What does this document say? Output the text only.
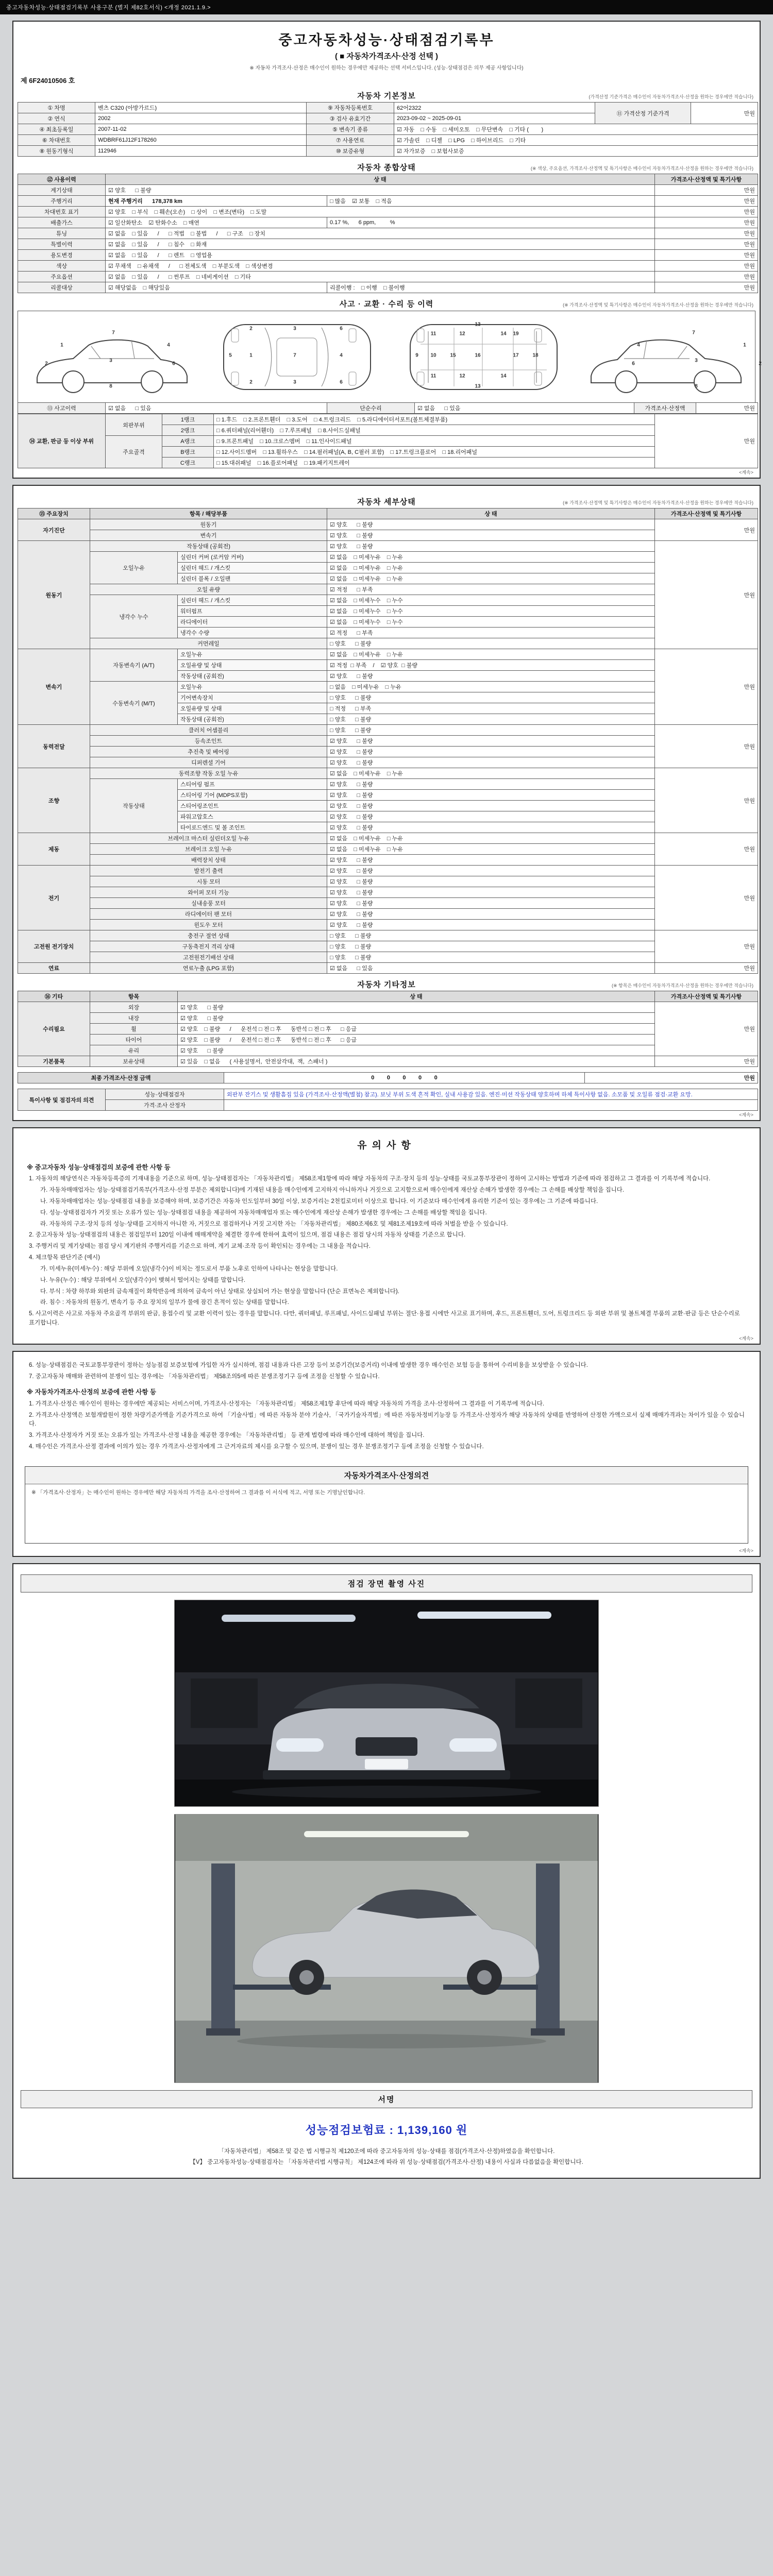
중고자동차성능·상태점검기록부 사용구분 (별지 제82호서식) <개정 2021.1.9.>
중고자동차성능·상태점검기록부
( ■ 자동차가격조사·산정 선택 )
※ 자동차 가격조사·산정은 매수인이 원하는 경우에만 제공하는 선택 서비스입니다. (성능·상태점검은 의무 제공 사항입니다)
제 6F24010506 호
자동차 기본정보	(가격산정 기준가격은 매수인이 자동차가격조사·산정을 원하는 경우에만 적습니다)
① 차명	벤츠 C320 (아방가르드)	⑨ 자동차등록번호	62어2322	⑪ 가격산정 기준가격	만원
② 연식	2002	③ 검사 유효기간	2023-09-02 ~ 2025-09-01		
④ 최초등록일	2007-11-02	⑤ 변속기 종류	☑ 자동    □ 수동    □ 세미오토    □ 무단변속    □ 기타 (        )		
⑥ 차대번호	WDBRF61J12F178260	⑦ 사용연료	☑ 가솔린    □ 디젤    □ LPG    □ 하이브리드    □ 기타		
⑧ 원동기형식	112946	⑩ 보증유형	☑ 자가보증    □ 보험사보증		
자동차 종합상태	(※ 색상, 주요옵션, 가격조사·산정액 및 특기사항은 매수인이 자동차가격조사·산정을 원하는 경우에만 적습니다)
⑫ 사용이력	상 태		가격조사·산정액 및 특기사항
계기상태	☑ 양호      □ 불량		만원
주행거리	현재 주행거리      178,378 km	□ 많음    ☑ 보통    □ 적음	만원
차대번호 표기	☑ 양호    □ 부식    □ 훼손(오손)    □ 상이    □ 변조(변타)    □ 도말		만원
배출가스	☑ 일산화탄소    ☑ 탄화수소    □ 매연	0.17 %,      6 ppm,         %	만원
튜닝	☑ 없음    □ 있음      /      □ 적법    □ 불법      /      □ 구조    □ 장치		만원
특별이력	☑ 없음    □ 있음      /      □ 침수    □ 화재		만원
용도변경	☑ 없음    □ 있음      /      □ 렌트    □ 영업용		만원
색상	☑ 무채색    □ 유채색      /      □ 전체도색    □ 부분도색    □ 색상변경		만원
주요옵션	☑ 없음    □ 있음      /      □ 썬루프    □ 네비게이션    □ 기타		만원
리콜대상	☑ 해당없음    □ 해당있음	리콜이행 :    □ 이행    □ 불이행	만원
사고 · 교환 · 수리 등 이력	(※ 가격조사·산정액 및 특기사항은 매수인이 자동차가격조사·산정을 원하는 경우에만 적습니다)
1
2
3
6
7
4
8
5	1
2
2
3
3
7
6
6
4	9 10
11
11
12
12
13
13
15	16
14
14
17	18
19
1
2
3
6
7
4
8
⑬ 사고이력	☑ 없음      □ 있음	단순수리	☑ 없음      □ 있음	가격조사·산정액	만원
⑭ 교환, 판금 등 이상 부위	외판부위	1랭크	□ 1.후드    □ 2.프론트휀더    □ 3.도어    □ 4.트렁크리드    □ 5.라디에이터서포트(볼트체결부품)	만원
		2랭크	□ 6.쿼터패널(리어휀더)    □ 7.루프패널    □ 8.사이드실패널	
	주요골격	A랭크	□ 9.프론트패널    □ 10.크로스멤버    □ 11.인사이드패널	
		B랭크	□ 12.사이드멤버    □ 13.휠하우스    □ 14.필러패널(A, B, C필러 포함)    □ 17.트렁크플로어    □ 18.리어패널	
		C랭크	□ 15.대쉬패널    □ 16.플로어패널    □ 19.패키지트레이	
<계속>
자동차 세부상태	(※ 가격조사·산정액 및 특기사항은 매수인이 자동차가격조사·산정을 원하는 경우에만 적습니다)
⑮ 주요장치	항목 / 해당부품		상 태	가격조사·산정액 및 특기사항
자기진단	원동기		☑ 양호      □ 불량	만원
	변속기		☑ 양호      □ 불량	
원동기	작동상태 (공회전)		☑ 양호      □ 불량	만원
	오일누유	실린더 커버 (로커암 커버)	☑ 없음    □ 미세누유    □ 누유	
		실린더 헤드 / 개스킷	☑ 없음    □ 미세누유    □ 누유	
		실린더 블록 / 오일팬	☑ 없음    □ 미세누유    □ 누유	
	오일 유량		☑ 적정      □ 부족	
	냉각수 누수	실린더 헤드 / 개스킷	☑ 없음    □ 미세누수    □ 누수	
		워터펌프	☑ 없음    □ 미세누수    □ 누수	
		라디에이터	☑ 없음    □ 미세누수    □ 누수	
		냉각수 수량	☑ 적정      □ 부족	
	커먼레일		□ 양호      □ 불량	
변속기	자동변속기 (A/T)	오일누유	☑ 없음    □ 미세누유    □ 누유	만원
		오일유량 및 상태	☑ 적정  □ 부족    /    ☑ 양호  □ 불량	
		작동상태 (공회전)	☑ 양호      □ 불량	
	수동변속기 (M/T)	오일누유	□ 없음    □ 미세누유    □ 누유	
		기어변속장치	□ 양호      □ 불량	
		오일유량 및 상태	□ 적정      □ 부족	
		작동상태 (공회전)	□ 양호      □ 불량	
동력전달	클러치 어셈블리		□ 양호      □ 불량	만원
	등속조인트		☑ 양호      □ 불량	
	추진축 및 베어링		☑ 양호      □ 불량	
	디퍼렌셜 기어		☑ 양호      □ 불량	
조향	동력조향 작동 오일 누유		☑ 없음    □ 미세누유    □ 누유	만원
	작동상태	스티어링 펌프	☑ 양호      □ 불량	
		스티어링 기어 (MDPS포함)	☑ 양호      □ 불량	
		스티어링조인트	☑ 양호      □ 불량	
		파워고압호스	☑ 양호      □ 불량	
		타이로드엔드 및 볼 조인트	☑ 양호      □ 불량	
제동	브레이크 마스터 실린더오일 누유		☑ 없음    □ 미세누유    □ 누유	만원
	브레이크 오일 누유		☑ 없음    □ 미세누유    □ 누유	
	배력장치 상태		☑ 양호      □ 불량	
전기	발전기 출력		☑ 양호      □ 불량	만원
	시동 모터		☑ 양호      □ 불량	
	와이퍼 모터 기능		☑ 양호      □ 불량	
	실내송풍 모터		☑ 양호      □ 불량	
	라디에이터 팬 모터		☑ 양호      □ 불량	
	윈도우 모터		☑ 양호      □ 불량	
고전원 전기장치	충전구 절연 상태		□ 양호      □ 불량	만원
	구동축전지 격리 상태		□ 양호      □ 불량	
	고전원전기배선 상태		□ 양호      □ 불량	
연료	연료누출 (LPG 포함)		☑ 없음      □ 있음	만원
자동차 기타정보	(※ 항목은 매수인이 자동차가격조사·산정을 원하는 경우에만 적습니다)
⑯ 기타	항목	상 태	가격조사·산정액 및 특기사항
수리필요	외장	☑ 양호      □ 불량	만원
	내장	☑ 양호      □ 불량	
	휠	☑ 양호    □ 불량      /      운전석 □ 전 □ 후      동반석 □ 전 □ 후      □ 응급	
	타이어	☑ 양호    □ 불량      /      운전석 □ 전 □ 후      동반석 □ 전 □ 후      □ 응급	
	유리	☑ 양호      □ 불량	
기본품목	보유상태	☑ 있음    □ 없음      ( 사용설명서,  안전삼각대,  잭,  스패너 )	만원
최종 가격조사·산정 금액	0        0        0        0        0	만원
특이사항 및 점검자의 의견	성능·상태점검자	외판부 잔기스 및 생활흠집 있음 (가격조사·산정액(별첨) 참고). 보닛 부위 도색 흔적 확인, 실내 사용감 있음. 엔진·미션 작동상태 양호하며 하체 특이사항 없음. 소모품 및 오일류 점검·교환 요망.
	가격·조사 산정자	
<계속>
유의사항
※ 중고자동차 성능·상태점검의 보증에 관한 사항 등
1. 자동차의 해당연식은 자동차등록증의 기재내용을 기준으로 하며, 성능·상태점검자는 「자동차관리법」 제58조제1항에 따라 해당 자동차의 구조·장치 등의 성능·상태를 국토교통부장관이 정하여 고시하는 방법과 기준에 따라 점검하고 그 결과를 이 기록부에 적습니다.
가. 자동차매매업자는 성능·상태점검기록부(가격조사·산정 부분은 제외합니다)에 기재된 내용을 매수인에게 고지하지 아니하거나 거짓으로 고지함으로써 매수인에게 재산상 손해가 발생한 경우에는 그 손해를 배상할 책임을 집니다.
나. 자동차매매업자는 성능·상태점검 내용을 보증해야 하며, 보증기간은 자동차 인도일부터 30일 이상, 보증거리는 2천킬로미터 이상으로 합니다. 이 기준보다 매수인에게 유리한 기준이 있는 경우에는 그 기준에 따릅니다.
다. 성능·상태점검자가 거짓 또는 오류가 있는 성능·상태점검 내용을 제공하여 자동차매매업자 또는 매수인에게 재산상 손해가 발생한 경우에는 그 손해를 배상할 책임을 집니다.
라. 자동차의 구조·장치 등의 성능·상태를 고지하지 아니한 자, 거짓으로 점검하거나 거짓 고지한 자는 「자동차관리법」 제80조제6호 및 제81조제19호에 따라 처벌을 받을 수 있습니다.
2. 중고자동차 성능·상태점검의 내용은 점검일부터 120일 이내에 매매계약을 체결한 경우에 한하여 효력이 있으며, 점검 내용은 점검 당시의 자동차 상태를 기준으로 합니다.
3. 주행거리 및 계기상태는 점검 당시 계기판의 주행거리를 기준으로 하며, 계기 교체·조작 등이 확인되는 경우에는 그 내용을 적습니다.
4. 체크항목 판단기준 (예시)
가. 미세누유(미세누수) : 해당 부위에 오일(냉각수)이 비치는 정도로서 부품 노후로 인하여 나타나는 현상을 말합니다.
나. 누유(누수) : 해당 부위에서 오일(냉각수)이 맺혀서 떨어지는 상태를 말합니다.
다. 부식 : 차량 하부와 외판의 금속재질이 화학반응에 의하여 금속이 아닌 상태로 상실되어 가는 현상을 말합니다 (단순 표면녹은 제외합니다).
라. 침수 : 자동차의 원동기, 변속기 등 주요 장치의 일부가 물에 잠긴 흔적이 있는 상태를 말합니다.
5. 사고이력은 사고로 자동차 주요골격 부위의 판금, 용접수리 및 교환 이력이 있는 경우를 말합니다. 다만, 쿼터패널, 루프패널, 사이드실패널 부위는 절단·용접 시에만 사고로 표기하며, 후드, 프론트휀더, 도어, 트렁크리드 등 외판 부위 및 볼트체결 부품의 교환·판금 등은 단순수리로 표기합니다.
<계속>
6. 성능·상태점검은 국토교통부장관이 정하는 성능점검 보증보험에 가입한 자가 실시하며, 점검 내용과 다른 고장 등이 보증기간(보증거리) 이내에 발생한 경우 매수인은 보험 등을 통하여 수리비용을 보상받을 수 있습니다.
7. 중고자동차 매매와 관련하여 분쟁이 있는 경우에는 「자동차관리법」 제58조의5에 따른 분쟁조정기구 등에 조정을 신청할 수 있습니다.
※ 자동차가격조사·산정의 보증에 관한 사항 등
1. 가격조사·산정은 매수인이 원하는 경우에만 제공되는 서비스이며, 가격조사·산정자는 「자동차관리법」 제58조제1항 후단에 따라 해당 자동차의 가격을 조사·산정하여 그 결과를 이 기록부에 적습니다.
2. 가격조사·산정액은 보험개발원이 정한 차량기준가액을 기준가격으로 하여 「기술사법」에 따른 자동차 분야 기술사, 「국가기술자격법」에 따른 자동차정비기능장 등 가격조사·산정자가 해당 자동차의 상태를 반영하여 산정한 가액으로서 실제 매매가격과는 차이가 있을 수 있습니다.
3. 가격조사·산정자가 거짓 또는 오류가 있는 가격조사·산정 내용을 제공한 경우에는 「자동차관리법」 등 관계 법령에 따라 매수인에 대하여 책임을 집니다.
4. 매수인은 가격조사·산정 결과에 이의가 있는 경우 가격조사·산정자에게 그 근거자료의 제시를 요구할 수 있으며, 분쟁이 있는 경우 분쟁조정기구 등에 조정을 신청할 수 있습니다.
자동차가격조사·산정의견
※ 「가격조사·산정자」는 매수인이 원하는 경우에만 해당 자동차의 가격을 조사·산정하여 그 결과를 이 서식에 적고, 서명 또는 기명날인합니다.
<계속>
점검 장면 촬영 사진
서명
성능점검보험료 : 1,139,160 원
「자동차관리법」 제58조 및 같은 법 시행규칙 제120조에 따라 중고자동차의 성능·상태를 점검(가격조사·산정)하였음을 확인합니다.
【V】 중고자동차성능·상태점검자는 「자동차관리법 시행규칙」 제124조에 따라 위 성능·상태점검(가격조사·산정) 내용이 사실과 다름없음을 확인합니다.
